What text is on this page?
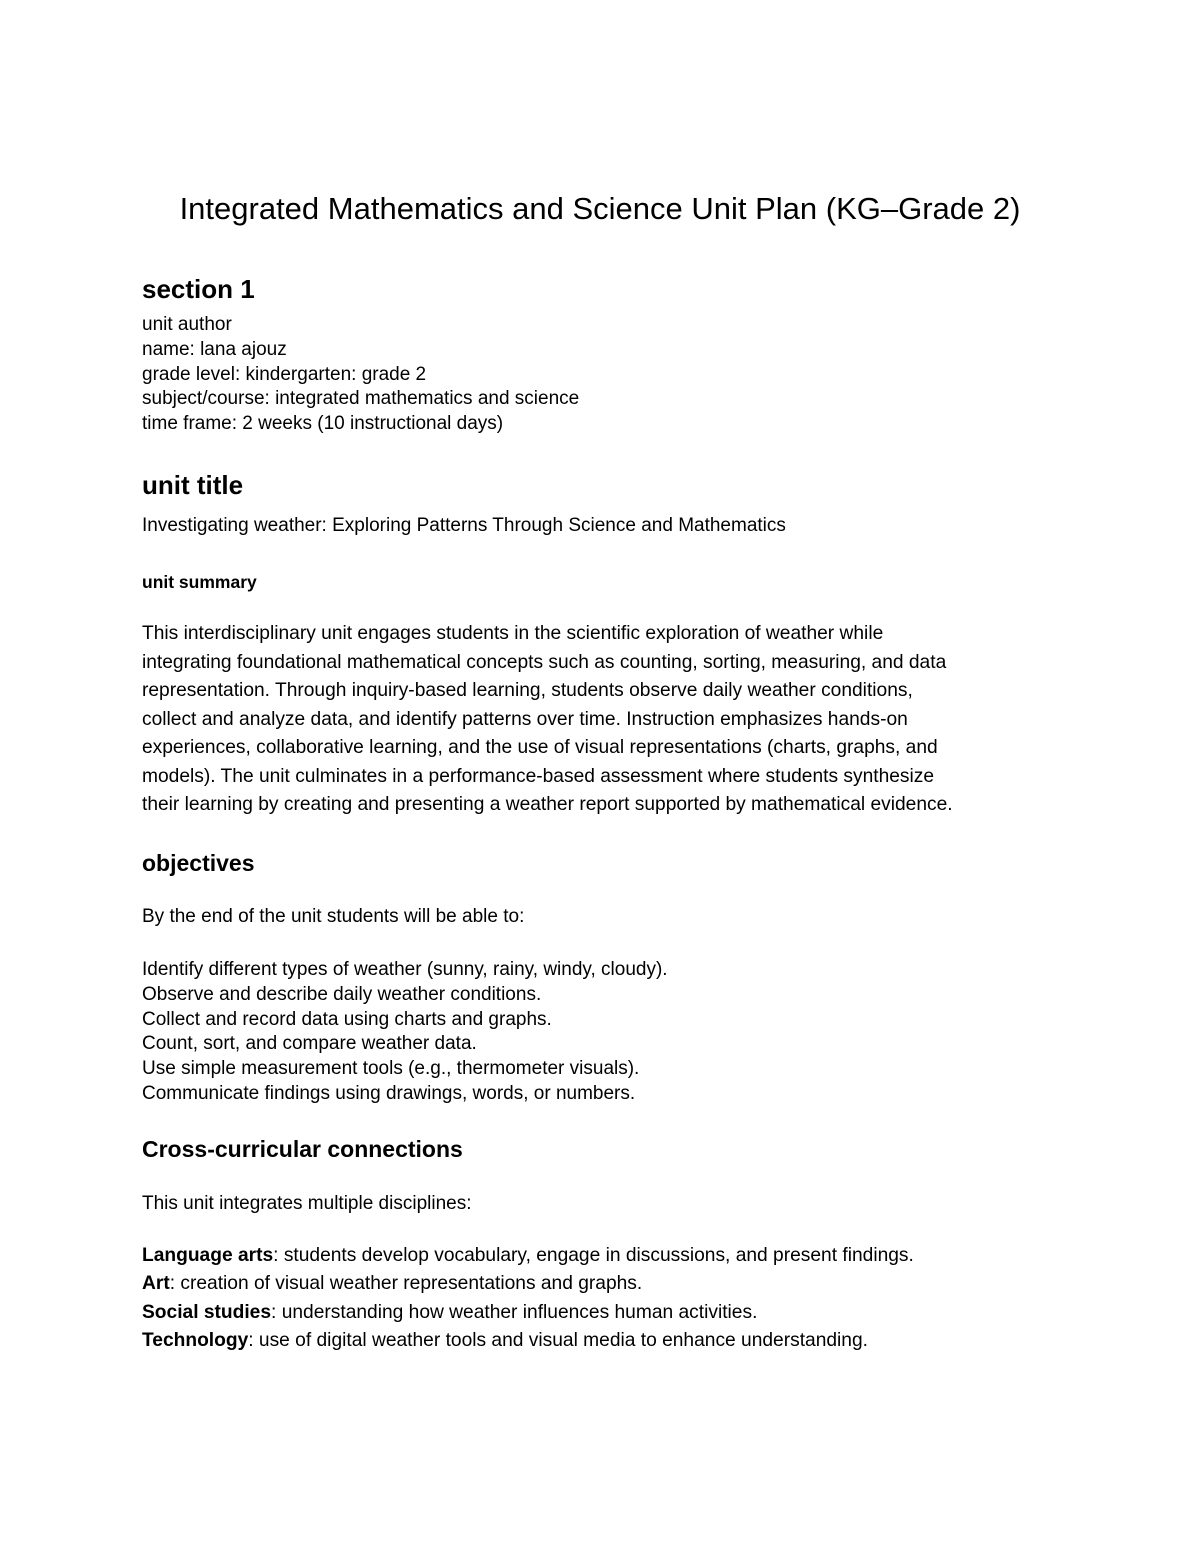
Integrated Mathematics and Science Unit Plan (KG–Grade 2)
section 1
unit author
name: lana ajouz
grade level: kindergarten: grade 2
subject/course: integrated mathematics and science
time frame: 2 weeks (10 instructional days)
unit title

Investigating weather: Exploring Patterns Through Science and Mathematics

unit summary
This interdisciplinary unit engages students in the scientific exploration of weather while
integrating foundational mathematical concepts such as counting, sorting, measuring, and data
representation. Through inquiry-based learning, students observe daily weather conditions,
collect and analyze data, and identify patterns over time. Instruction emphasizes hands-on
experiences, collaborative learning, and the use of visual representations (charts, graphs, and
models). The unit culminates in a performance-based assessment where students synthesize
their learning by creating and presenting a weather report supported by mathematical evidence.
objectives

By the end of the unit students will be able to:

Identify different types of weather (sunny, rainy, windy, cloudy).
Observe and describe daily weather conditions.
Collect and record data using charts and graphs.
Count, sort, and compare weather data.
Use simple measurement tools (e.g., thermometer visuals).
Communicate findings using drawings, words, or numbers.
Cross-curricular connections

This unit integrates multiple disciplines:

Language arts: students develop vocabulary, engage in discussions, and present findings.
Art: creation of visual weather representations and graphs.
Social studies: understanding how weather influences human activities.
Technology: use of digital weather tools and visual media to enhance understanding.
